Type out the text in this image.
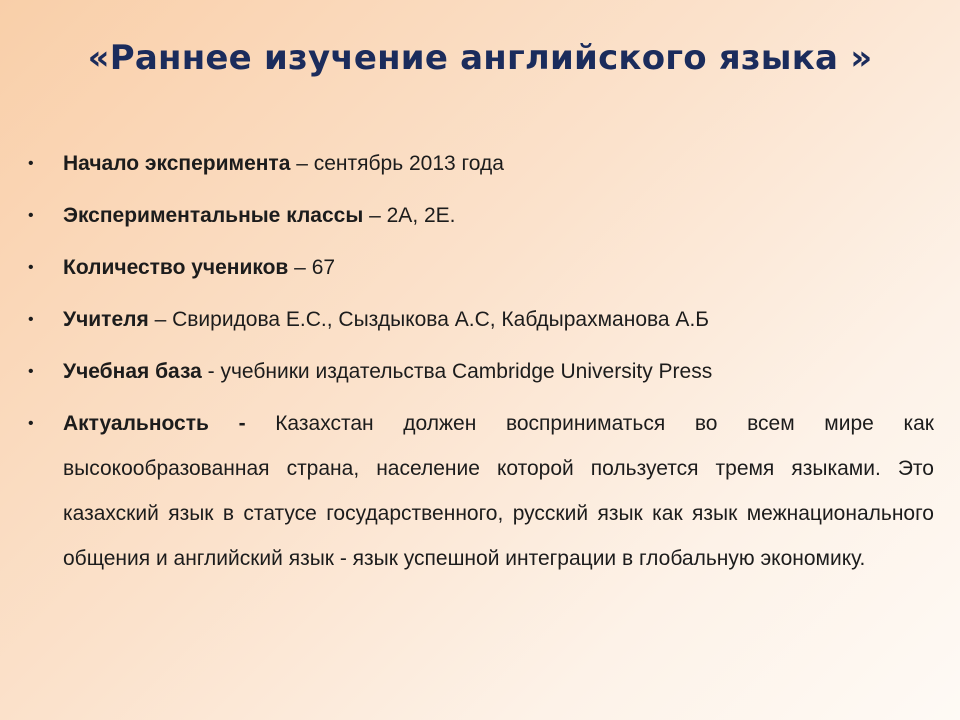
«Раннее изучение английского языка »
• Начало эксперимента – сентябрь 2013 года
• Экспериментальные классы – 2А, 2Е.
• Количество учеников – 67
• Учителя – Свиридова Е.С., Сыздыкова А.С, Кабдырахманова А.Б
• Учебная база - учебники издательства Cambridge University Press
• Актуальность - Казахстан должен восприниматься во всем мире как высокообразованная страна, население которой пользуется тремя языками. Это казахский язык в статусе государственного, русский язык как язык межнационального общения и английский язык - язык успешной интеграции в глобальную экономику.
